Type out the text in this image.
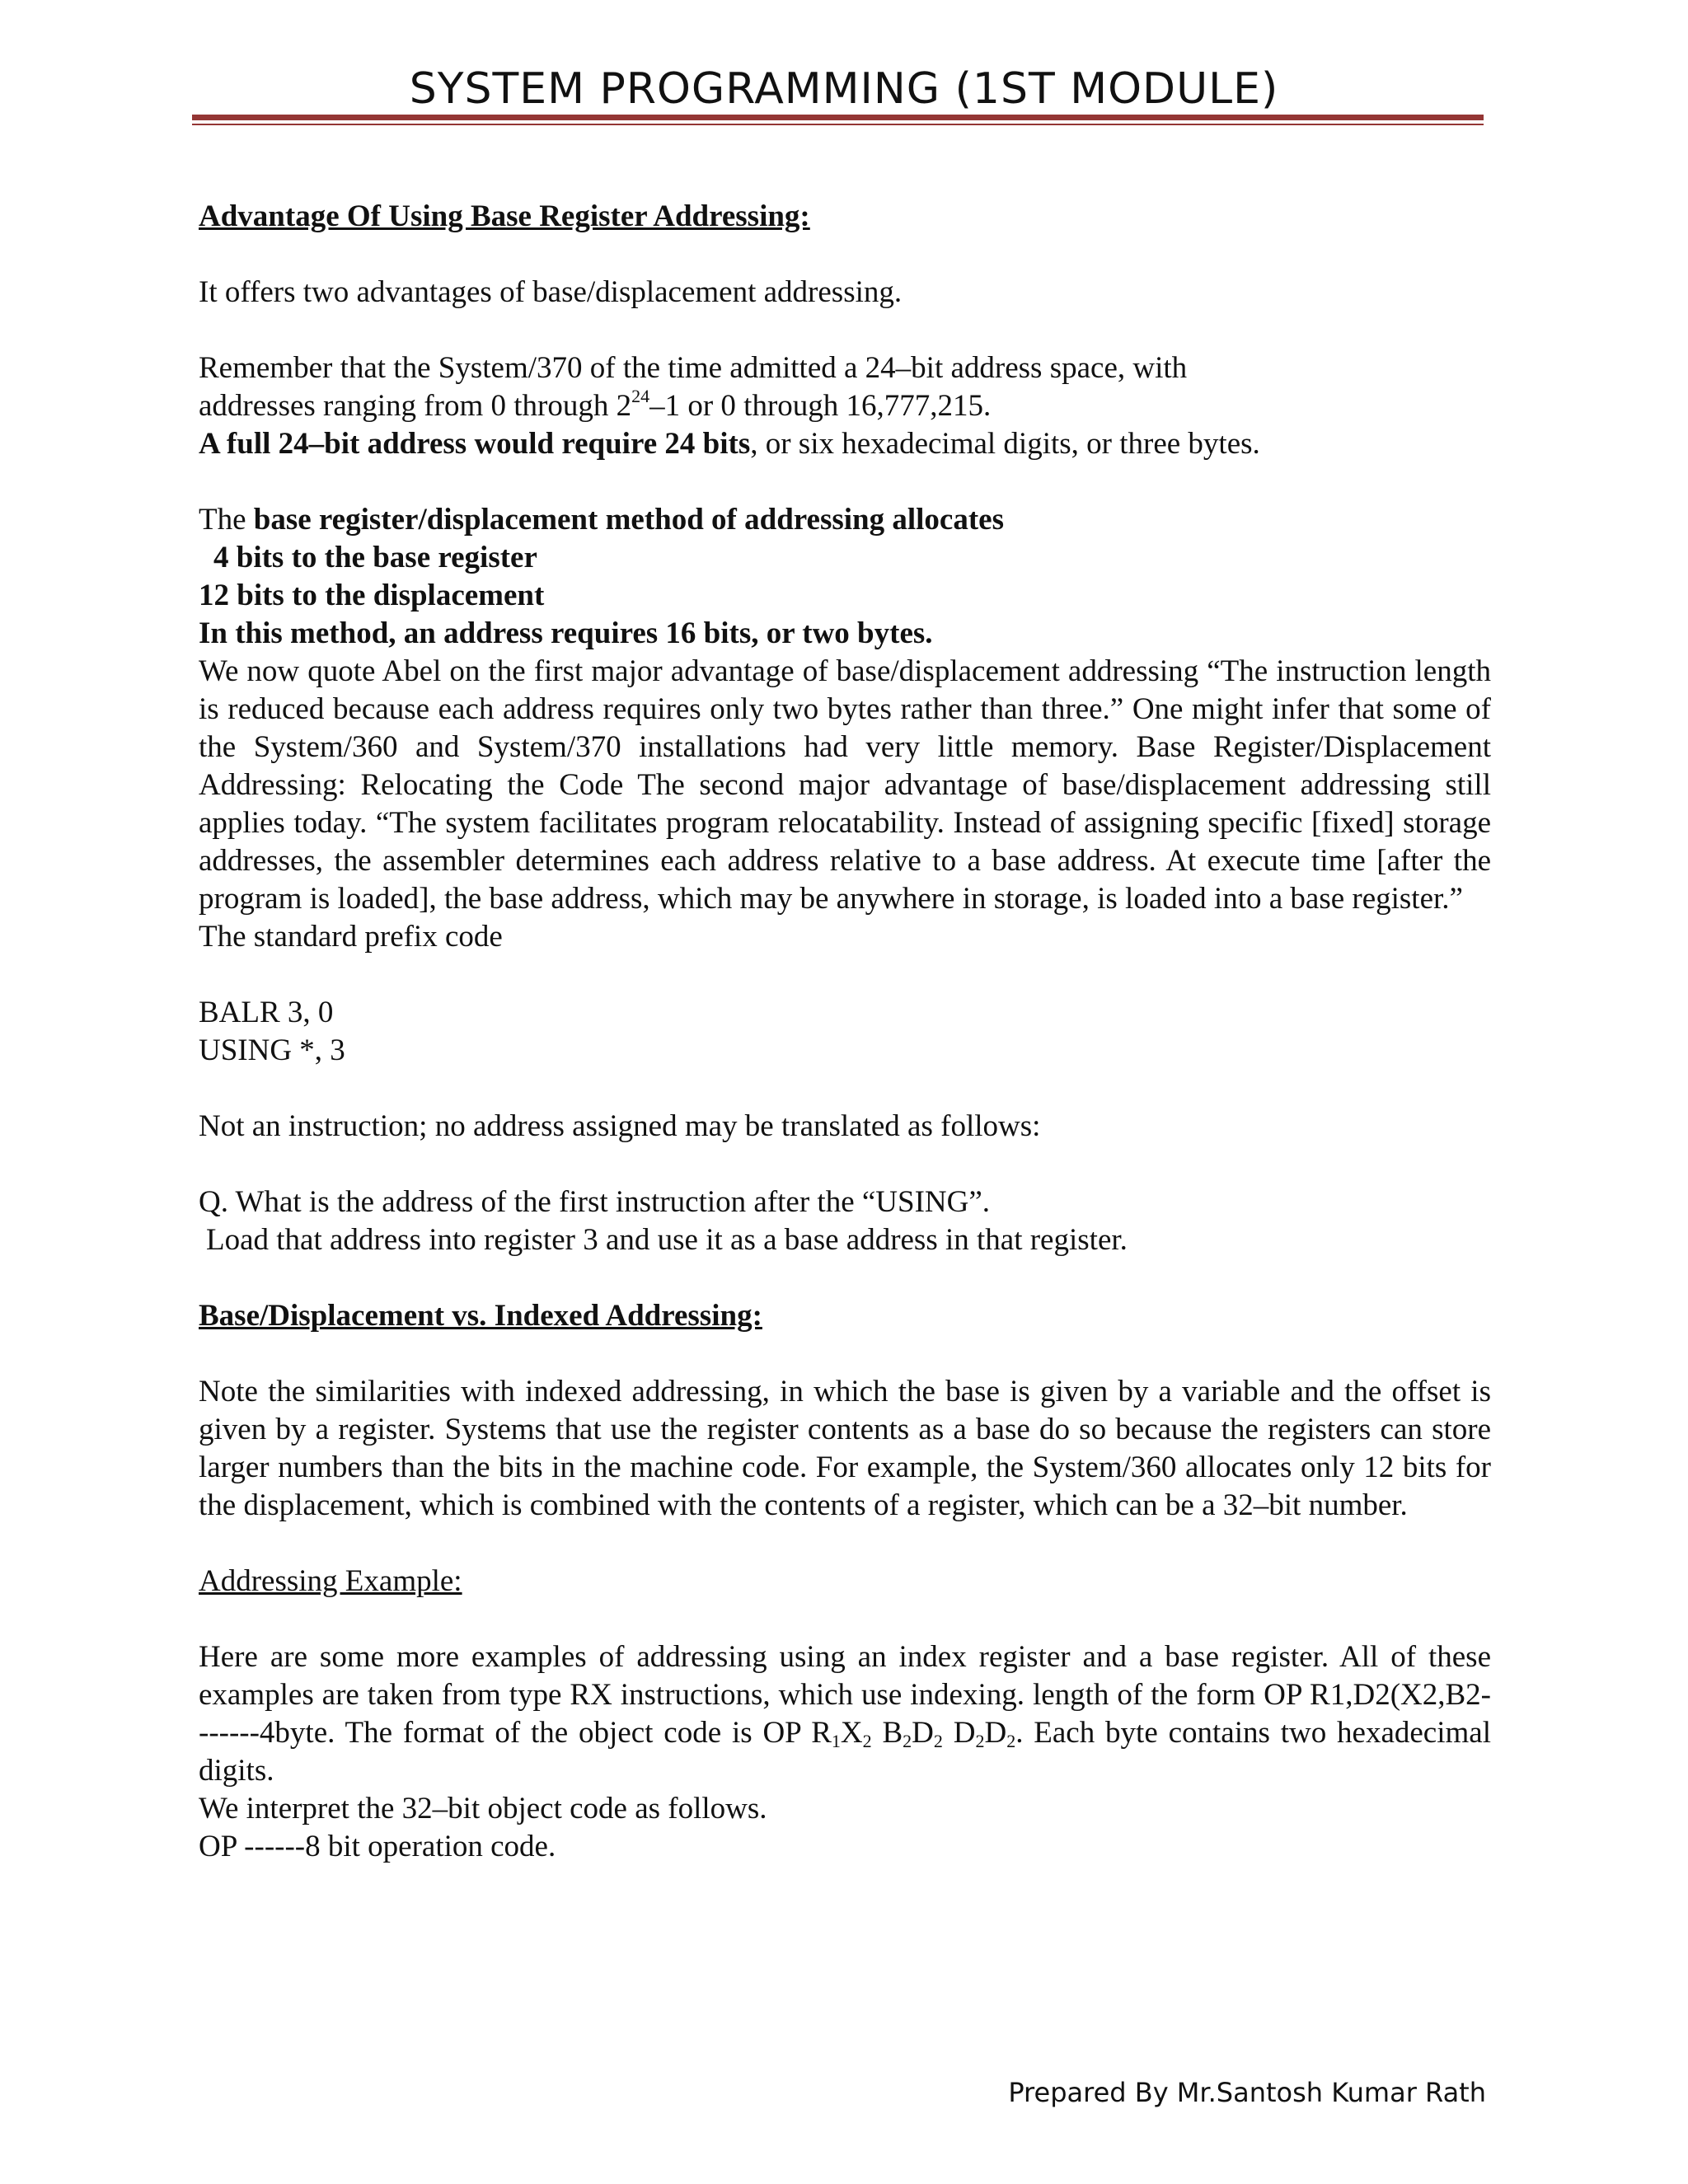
SYSTEM PROGRAMMING (1ST MODULE)

Advantage Of Using Base Register Addressing:

It offers two advantages of base/displacement addressing.

Remember that the System/370 of the time admitted a 24–bit address space, with

addresses ranging from 0 through $2^{24}-1$ or 0 through 16,777,215.

A full 24–bit address would require 24 bits, or six hexadecimal digits, or three bytes.

The base register/displacement method of addressing allocates

4 bits to the base register

12 bits to the displacement

In this method, an address requires 16 bits, or two bytes.

We now quote Abel on the first major advantage of base/displacement addressing “The instruction length is reduced because each address requires only two bytes rather than three.” One might infer that some of the System/360 and System/370 installations had very little memory. Base Register/Displacement Addressing: Relocating the Code The second major advantage of base/displacement addressing still applies today. “The system facilitates program relocatability. Instead of assigning specific [fixed] storage addresses, the assembler determines each address relative to a base address. At execute time [after the program is loaded], the base address, which may be anywhere in storage, is loaded into a base register.”

The standard prefix code

BALR 3, 0

USING *, 3

Not an instruction; no address assigned may be translated as follows:

Q. What is the address of the first instruction after the “USING”.

Load that address into register 3 and use it as a base address in that register.

Base/Displacement vs. Indexed Addressing:

Note the similarities with indexed addressing, in which the base is given by a variable and the offset is given by a register. Systems that use the register contents as a base do so because the registers can store larger numbers than the bits in the machine code. For example, the System/360 allocates only 12 bits for the displacement, which is combined with the contents of a register, which can be a 32–bit number.

Addressing Example:

Here are some more examples of addressing using an index register and a base register. All of these examples are taken from type RX instructions, which use indexing. length of the form OP R1,D2(X2,B2-------4byte. The format of the object code is OP $R_1X_2$ $B_2D_2$ $D_2D_2$. Each byte contains two hexadecimal digits.

We interpret the 32–bit object code as follows.

OP ------8 bit operation code.

Prepared By Mr.Santosh Kumar Rath
